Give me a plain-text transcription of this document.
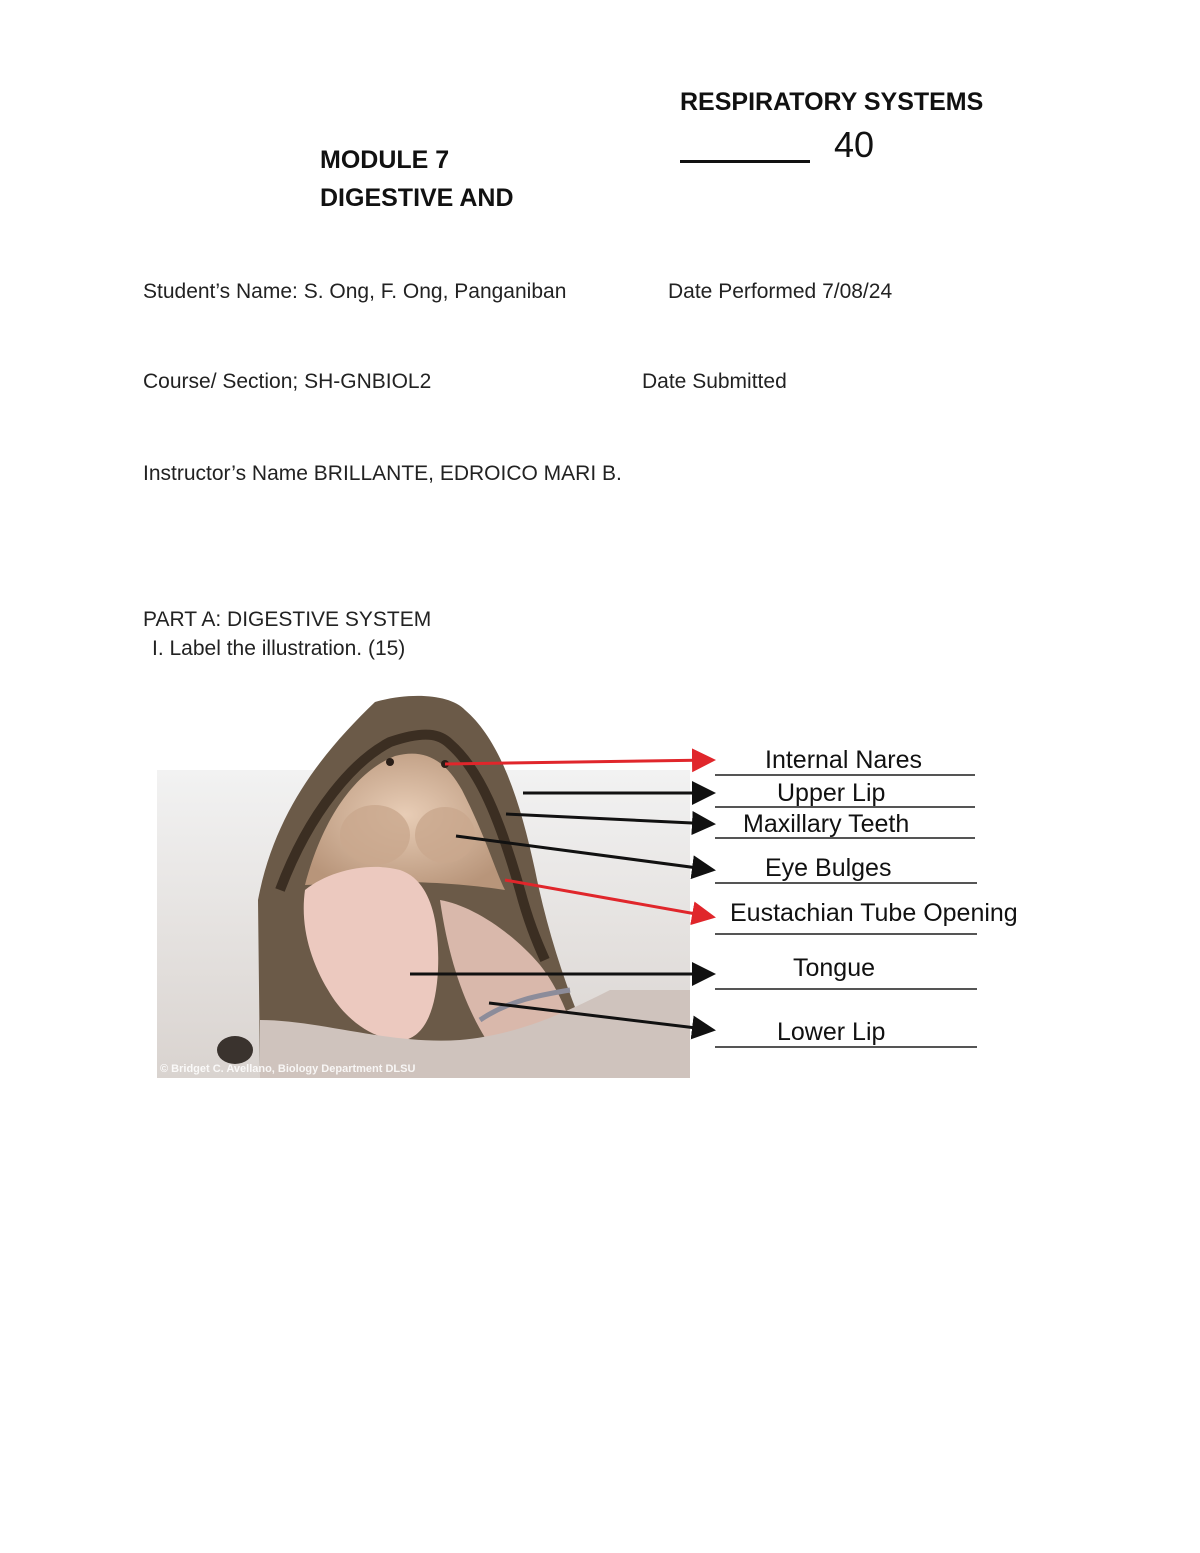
RESPIRATORY SYSTEMS
40
MODULE 7
DIGESTIVE AND
Student’s Name: S. Ong, F. Ong, Panganiban	Date Performed 7/08/24
Course/ Section; SH-GNBIOL2	Date Submitted
Instructor’s Name BRILLANTE, EDROICO MARI B.
PART A: DIGESTIVE SYSTEM
I. Label the illustration. (15)
© Bridget C. Avellano, Biology Department DLSU
Internal Nares
Upper Lip
Maxillary Teeth
Eye Bulges
Eustachian Tube Opening
Tongue
Lower Lip
